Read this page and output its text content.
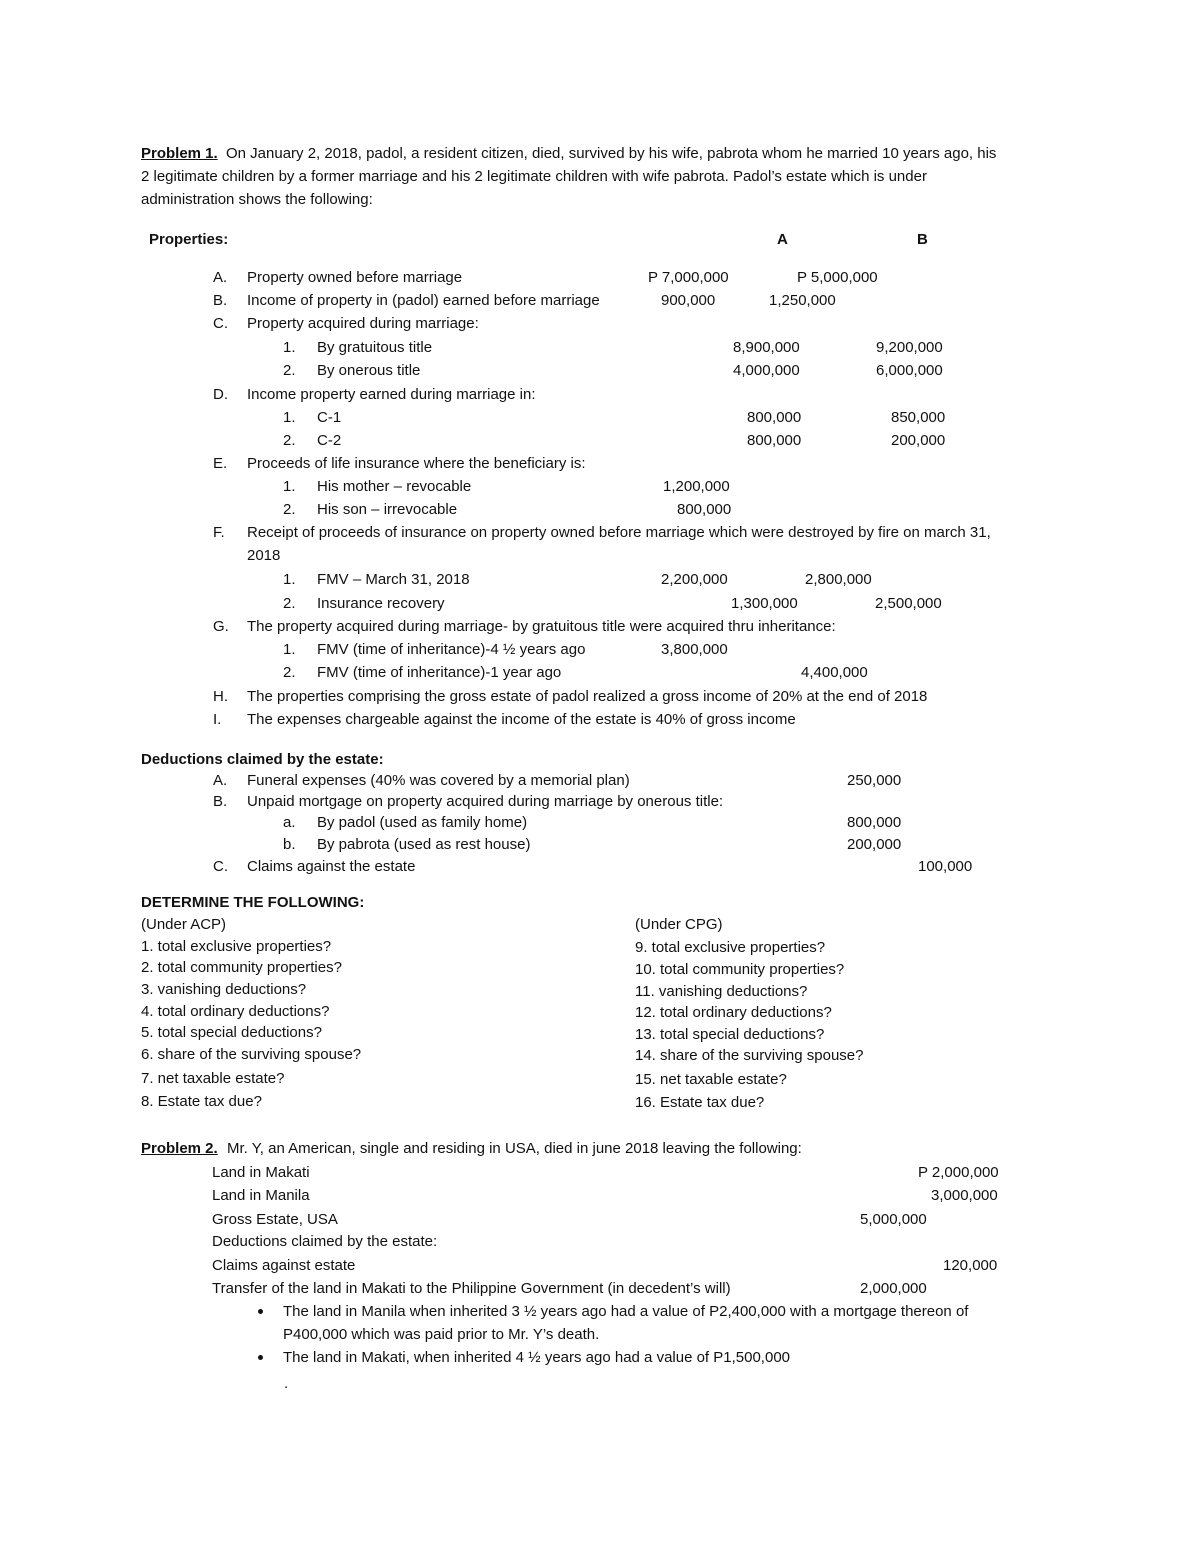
Problem 1. On January 2, 2018, padol, a resident citizen, died, survived by his wife, pabrota whom he married 10 years ago, his
2 legitimate children by a former marriage and his 2 legitimate children with wife pabrota. Padol’s estate which is under
administration shows the following:
Properties:	A	B
A. Property owned before marriage	P 7,000,000	P 5,000,000
B. Income of property in (padol) earned before marriage	900,000	1,250,000
C. Property acquired during marriage:
1. By gratuitous title	8,900,000	9,200,000
2. By onerous title	4,000,000	6,000,000
D. Income property earned during marriage in:
1. C-1	800,000	850,000
2. C-2	800,000	200,000
E. Proceeds of life insurance where the beneficiary is:
1. His mother – revocable	1,200,000
2. His son – irrevocable	800,000
F. Receipt of proceeds of insurance on property owned before marriage which were destroyed by fire on march 31,
2018
1. FMV – March 31, 2018	2,200,000	2,800,000
2. Insurance recovery	1,300,000	2,500,000
G. The property acquired during marriage- by gratuitous title were acquired thru inheritance:
1. FMV (time of inheritance)-4 ½ years ago	3,800,000
2. FMV (time of inheritance)-1 year ago	4,400,000
H. The properties comprising the gross estate of padol realized a gross income of 20% at the end of 2018
I. The expenses chargeable against the income of the estate is 40% of gross income
Deductions claimed by the estate:
A. Funeral expenses (40% was covered by a memorial plan)	250,000
B. Unpaid mortgage on property acquired during marriage by onerous title:
a. By padol (used as family home)	800,000
b. By pabrota (used as rest house)	200,000
C. Claims against the estate	100,000
DETERMINE THE FOLLOWING:
(Under ACP)
1. total exclusive properties?
2. total community properties?
3. vanishing deductions?
4. total ordinary deductions?
5. total special deductions?
6. share of the surviving spouse?
7. net taxable estate?
8. Estate tax due?
(Under CPG)
9. total exclusive properties?
10. total community properties?
11. vanishing deductions?
12. total ordinary deductions?
13. total special deductions?
14. share of the surviving spouse?
15. net taxable estate?
16. Estate tax due?
Problem 2. Mr. Y, an American, single and residing in USA, died in june 2018 leaving the following:
Land in Makati	P 2,000,000
Land in Manila	3,000,000
Gross Estate, USA	5,000,000
Deductions claimed by the estate:
Claims against estate	120,000
Transfer of the land in Makati to the Philippine Government (in decedent’s will)	2,000,000
The land in Manila when inherited 3 ½ years ago had a value of P2,400,000 with a mortgage thereon of
P400,000 which was paid prior to Mr. Y’s death.
The land in Makati, when inherited 4 ½ years ago had a value of P1,500,000
.
